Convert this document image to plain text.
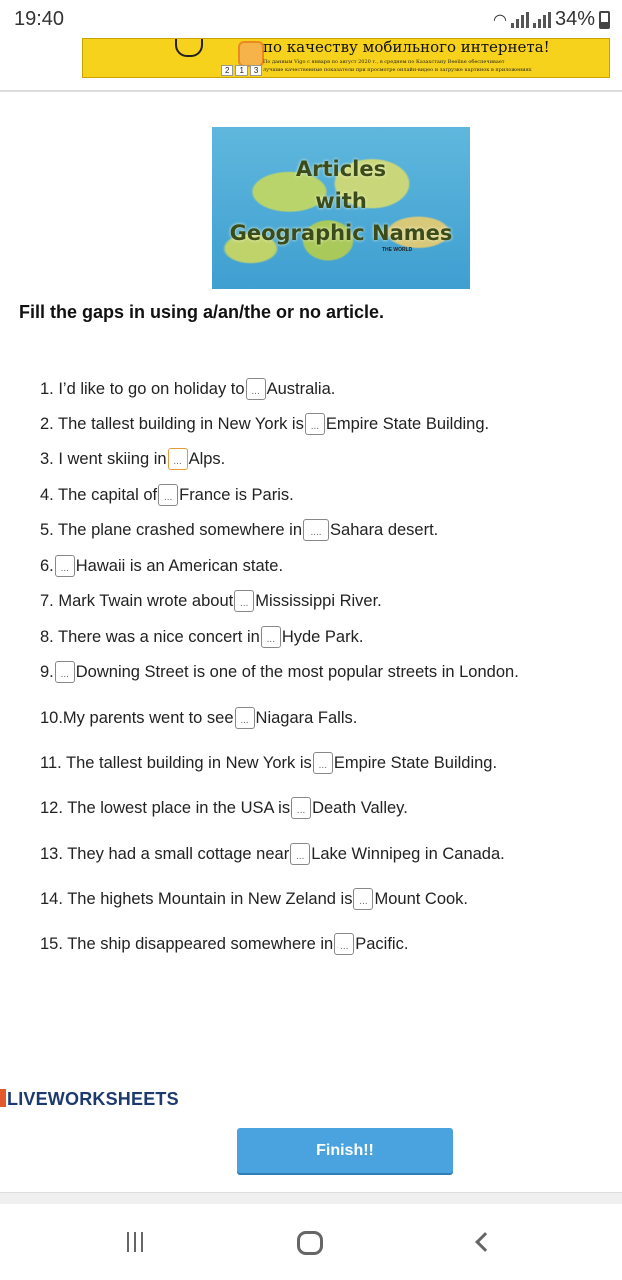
19:40	◠ 34%
2	1	3
по качеству мобильного интернета!
По данным Vigo с января по август 2020 г., в среднем по Казахстану Beeline обеспечивает
лучшие качественные показатели при просмотре онлайн-видео и загрузке картинок в приложениях
Articles
with
Geographic Names
THE WORLD
Fill the gaps in using a/an/the or no article.
1. I’d like to go on holiday to ... Australia.
2. The tallest building in New York is ... Empire State Building.
3. I went skiing in ... Alps.
4. The capital of ... France is Paris.
5. The plane crashed somewhere in .... Sahara desert.
6. ... Hawaii is an American state.
7. Mark Twain wrote about ... Mississippi River.
8. There was a nice concert in ... Hyde Park.
9. ... Downing Street is one of the most popular streets in London.
10.My parents went to see ... Niagara Falls.
11. The tallest building in New York is ... Empire State Building.
12. The lowest place in the USA is ... Death Valley.
13. They had a small cottage near ... Lake Winnipeg in Canada.
14. The highets Mountain in New Zeland is ... Mount Cook.
15. The ship disappeared somewhere in ... Pacific.
LIVEWORKSHEETS
Finish!!
